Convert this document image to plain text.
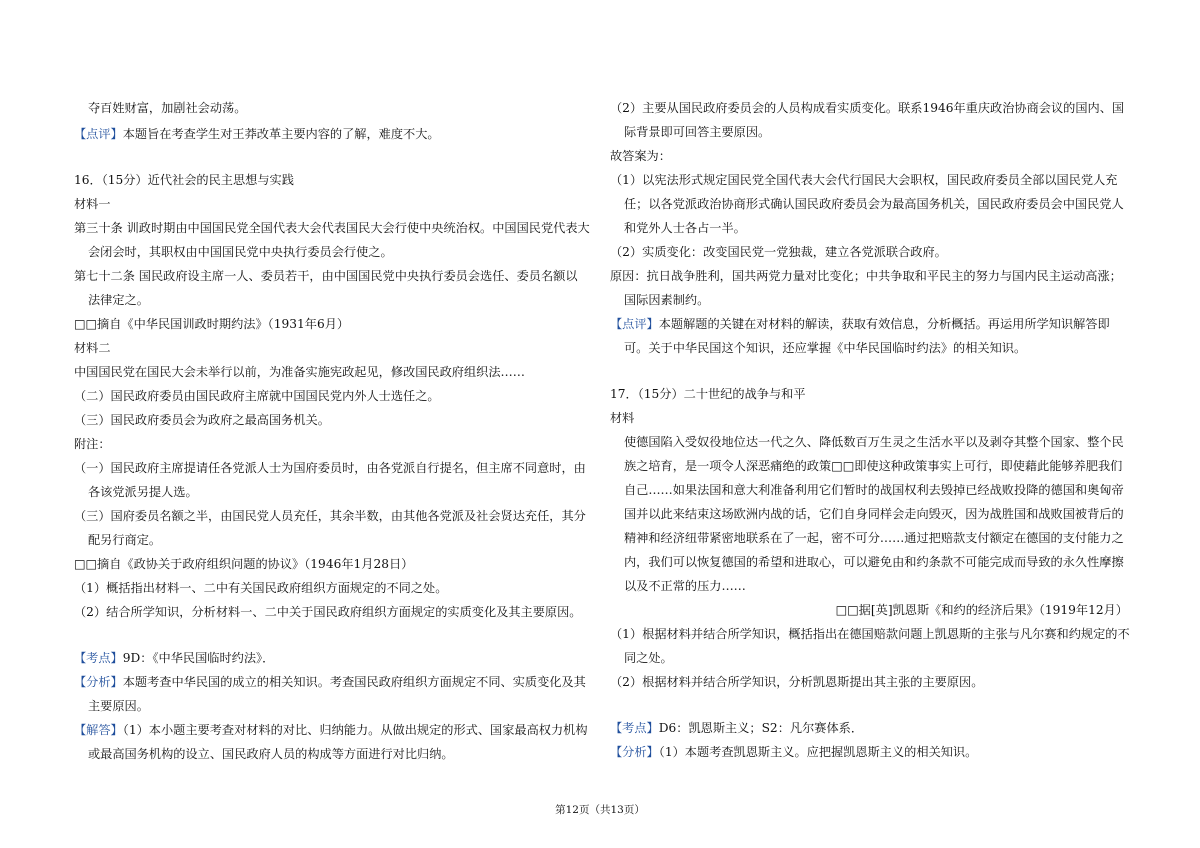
夺百姓财富，加剧社会动荡。
【点评】本题旨在考查学生对王莽改革主要内容的了解，难度不大。
16．（15分）近代社会的民主思想与实践
材料一
第三十条 训政时期由中国国民党全国代表大会代表国民大会行使中央统治权。中国国民党代表大
会闭会时，其职权由中国国民党中央执行委员会行使之。
第七十二条 国民政府设主席一人、委员若干，由中国国民党中央执行委员会选任、委员名额以
法律定之。
□□摘自《中华民国训政时期约法》（1931年6月）
材料二
中国国民党在国民大会未举行以前，为准备实施宪政起见，修改国民政府组织法……
（二）国民政府委员由国民政府主席就中国国民党内外人士选任之。
（三）国民政府委员会为政府之最高国务机关。
附注：
（一）国民政府主席提请任各党派人士为国府委员时，由各党派自行提名，但主席不同意时，由
各该党派另提人选。
（三）国府委员名额之半，由国民党人员充任，其余半数，由其他各党派及社会贤达充任，其分
配另行商定。
□□摘自《政协关于政府组织问题的协议》（1946年1月28日）
（1）概括指出材料一、二中有关国民政府组织方面规定的不同之处。
（2）结合所学知识，分析材料一、二中关于国民政府组织方面规定的实质变化及其主要原因。
【考点】9D：《中华民国临时约法》．
【分析】本题考查中华民国的成立的相关知识。考查国民政府组织方面规定不同、实质变化及其
主要原因。
【解答】（1）本小题主要考查对材料的对比、归纳能力。从做出规定的形式、国家最高权力机构
或最高国务机构的设立、国民政府人员的构成等方面进行对比归纳。
（2）主要从国民政府委员会的人员构成看实质变化。联系1946年重庆政治协商会议的国内、国
际背景即可回答主要原因。
故答案为：
（1）以宪法形式规定国民党全国代表大会代行国民大会职权，国民政府委员全部以国民党人充
任；以各党派政治协商形式确认国民政府委员会为最高国务机关，国民政府委员会中国民党人
和党外人士各占一半。
（2）实质变化：改变国民党一党独裁，建立各党派联合政府。
原因：抗日战争胜利，国共两党力量对比变化；中共争取和平民主的努力与国内民主运动高涨；
国际因素制约。
【点评】本题解题的关键在对材料的解读，获取有效信息，分析概括。再运用所学知识解答即
可。关于中华民国这个知识，还应掌握《中华民国临时约法》的相关知识。
17．（15分）二十世纪的战争与和平
材料
使德国陷入受奴役地位达一代之久、降低数百万生灵之生活水平以及剥夺其整个国家、整个民
族之培育，是一项令人深恶痛绝的政策□□即使这种政策事实上可行，即使藉此能够养肥我们
自己……如果法国和意大利准备利用它们暂时的战国权利去毁掉已经战败投降的德国和奥匈帝
国并以此来结束这场欧洲内战的话，它们自身同样会走向毁灭，因为战胜国和战败国被背后的
精神和经济纽带紧密地联系在了一起，密不可分……通过把赔款支付额定在德国的支付能力之
内，我们可以恢复德国的希望和进取心，可以避免由和约条款不可能完成而导致的永久性摩擦
以及不正常的压力……
□□据[英]凯恩斯《和约的经济后果》（1919年12月）
（1）根据材料并结合所学知识，概括指出在德国赔款问题上凯恩斯的主张与凡尔赛和约规定的不
同之处。
（2）根据材料并结合所学知识，分析凯恩斯提出其主张的主要原因。
【考点】D6：凯恩斯主义；S2：凡尔赛体系．
【分析】（1）本题考查凯恩斯主义。应把握凯恩斯主义的相关知识。
第12页（共13页）
